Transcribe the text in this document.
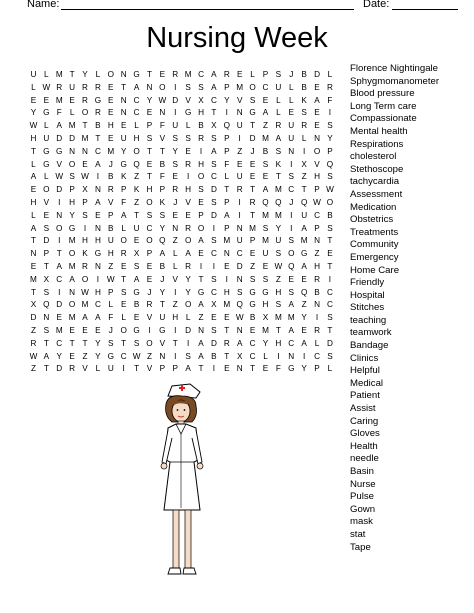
Name:	Date:
Nursing Week
U L M T Y L O N G T E R M C A R E L P S J B D L
L W R U R R E T A N O I S S A P M O C U L B E R
E E M E R G E N C Y W D V X C Y V S E L L K A F
Y G F L O R E N C E N I G H T I N G A L E S E I
W L A M T B H E L P F U L B X Q U T Z R U R E S
H U D D M T E U H S V S S R S P I D M A U L N Y
T G G N N C M Y O T T Y E I A P Z J B S N I O P
L G V O E A J G Q E B S R H S F E E S K I X V Q
A L W S W I B K Z T F E I O C L U E E T S Z H S
E O D P X N R P K H P R H S D T R T A M C T P W
H V I H P A V F Z O K J V E S P I R Q Q J Q W O
L E N Y S E P A T S S E E P D A I T M M I U C B
A S O G I N B L U C Y N R O I P N M S Y I A P S
T D I M H H U O E O Q Z O A S M U P M U S M N T
N P T O K G H R X P A L A E C N C E U S O G Z E
E T A M R N Z E S E B L R I I E D Z E W Q A H T
M X C A O I W T A E J V Y T S I N S S Z E E R I
T S I N W H P S G J Y I Y G C H S G G H S Q B C
X Q D O M C L E B R T Z O A X M Q G H S A Z N C
D N E M A A F L E V U H L Z E E W B X M M Y I S
Z S M E E E J O G I G I D N S T N E M T A E R T
R T C T T Y S T S O V T I A D R A C Y H C A L D
W A Y E Z Y G C W Z N I S A B T X C L I N I C S
Z T D R V L U I T V P P A T I E N T E F G Y P L
Florence Nightingale
Sphygmomanometer
Blood pressure
Long Term care
Compassionate
Mental health
Respirations
cholesterol
Stethoscope
tachycardia
Assessment
Medication
Obstetrics
Treatments
Community
Emergency
Home Care
Friendly
Hospital
Stitches
teaching
teamwork
Bandage
Clinics
Helpful
Medical
Patient
Assist
Caring
Gloves
Health
needle
Basin
Nurse
Pulse
Gown
mask
stat
Tape
